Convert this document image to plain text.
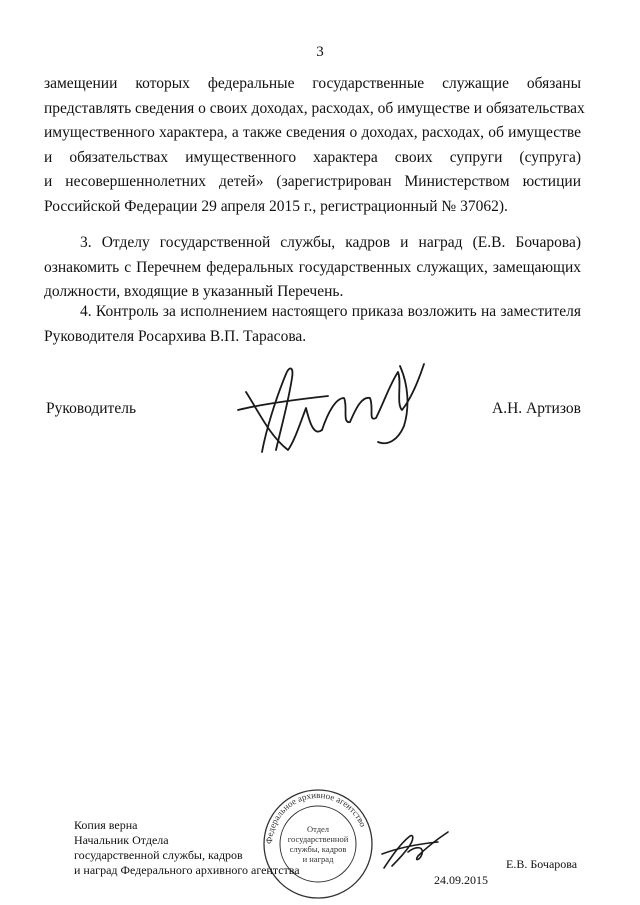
3
замещении которых федеральные государственные служащие обязаны
представлять сведения о своих доходах, расходах, об имуществе и обязательствах
имущественного характера, а также сведения о доходах, расходах, об имуществе
и обязательствах имущественного характера своих супруги (супруга)
и несовершеннолетних детей» (зарегистрирован Министерством юстиции
Российской Федерации 29 апреля 2015 г., регистрационный № 37062).
3. Отделу государственной службы, кадров и наград (Е.В. Бочарова)
ознакомить с Перечнем федеральных государственных служащих, замещающих
должности, входящие в указанный Перечень.
4. Контроль за исполнением настоящего приказа возложить на заместителя
Руководителя Росархива В.П. Тарасова.
Руководитель	А.Н. Артизов
Федеральное архивное агентство
Отдел
государственной
службы, кадров
и наград
Копия верна
Начальник Отдела
государственной службы, кадров
и наград Федерального архивного агентства
24.09.2015
Е.В. Бочарова
